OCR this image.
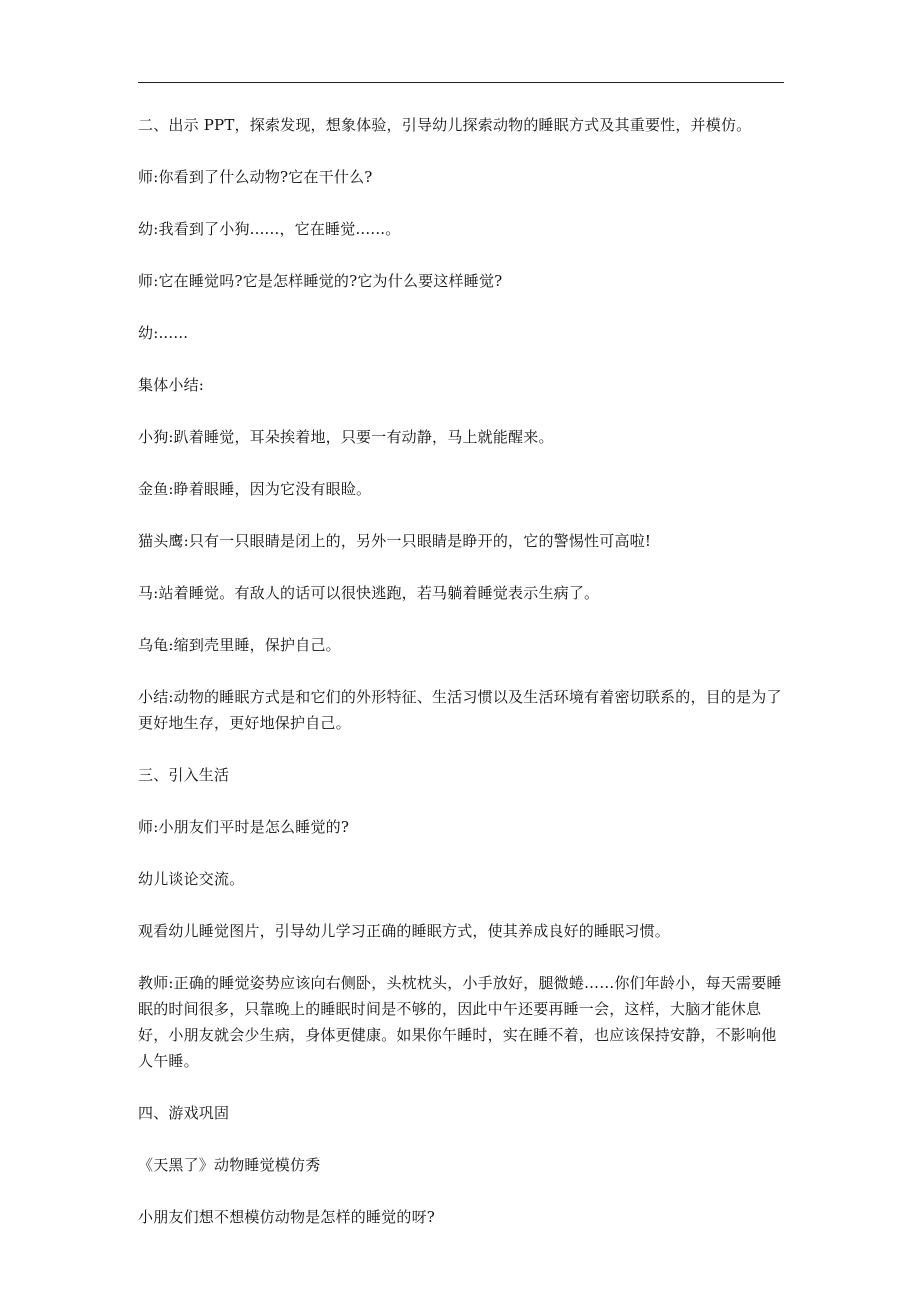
二、出示 PPT，探索发现，想象体验，引导幼儿探索动物的睡眠方式及其重要性，并模仿。

师:你看到了什么动物?它在干什么?

幼:我看到了小狗......，它在睡觉......。

师:它在睡觉吗?它是怎样睡觉的?它为什么要这样睡觉?

幼:......

集体小结:

小狗:趴着睡觉，耳朵挨着地，只要一有动静，马上就能醒来。

金鱼:睁着眼睡，因为它没有眼睑。

猫头鹰:只有一只眼睛是闭上的，另外一只眼睛是睁开的，它的警惕性可高啦!

马:站着睡觉。有敌人的话可以很快逃跑，若马躺着睡觉表示生病了。

乌龟:缩到壳里睡，保护自己。

小结:动物的睡眠方式是和它们的外形特征、生活习惯以及生活环境有着密切联系的，目的是为了更好地生存，更好地保护自己。

三、引入生活

师:小朋友们平时是怎么睡觉的?

幼儿谈论交流。

观看幼儿睡觉图片，引导幼儿学习正确的睡眠方式，使其养成良好的睡眠习惯。

教师:正确的睡觉姿势应该向右侧卧，头枕枕头，小手放好，腿微蜷……你们年龄小，每天需要睡眠的时间很多，只靠晚上的睡眠时间是不够的，因此中午还要再睡一会，这样，大脑才能休息好，小朋友就会少生病，身体更健康。如果你午睡时，实在睡不着，也应该保持安静，不影响他人午睡。

四、游戏巩固

《天黑了》动物睡觉模仿秀

小朋友们想不想模仿动物是怎样的睡觉的呀?
